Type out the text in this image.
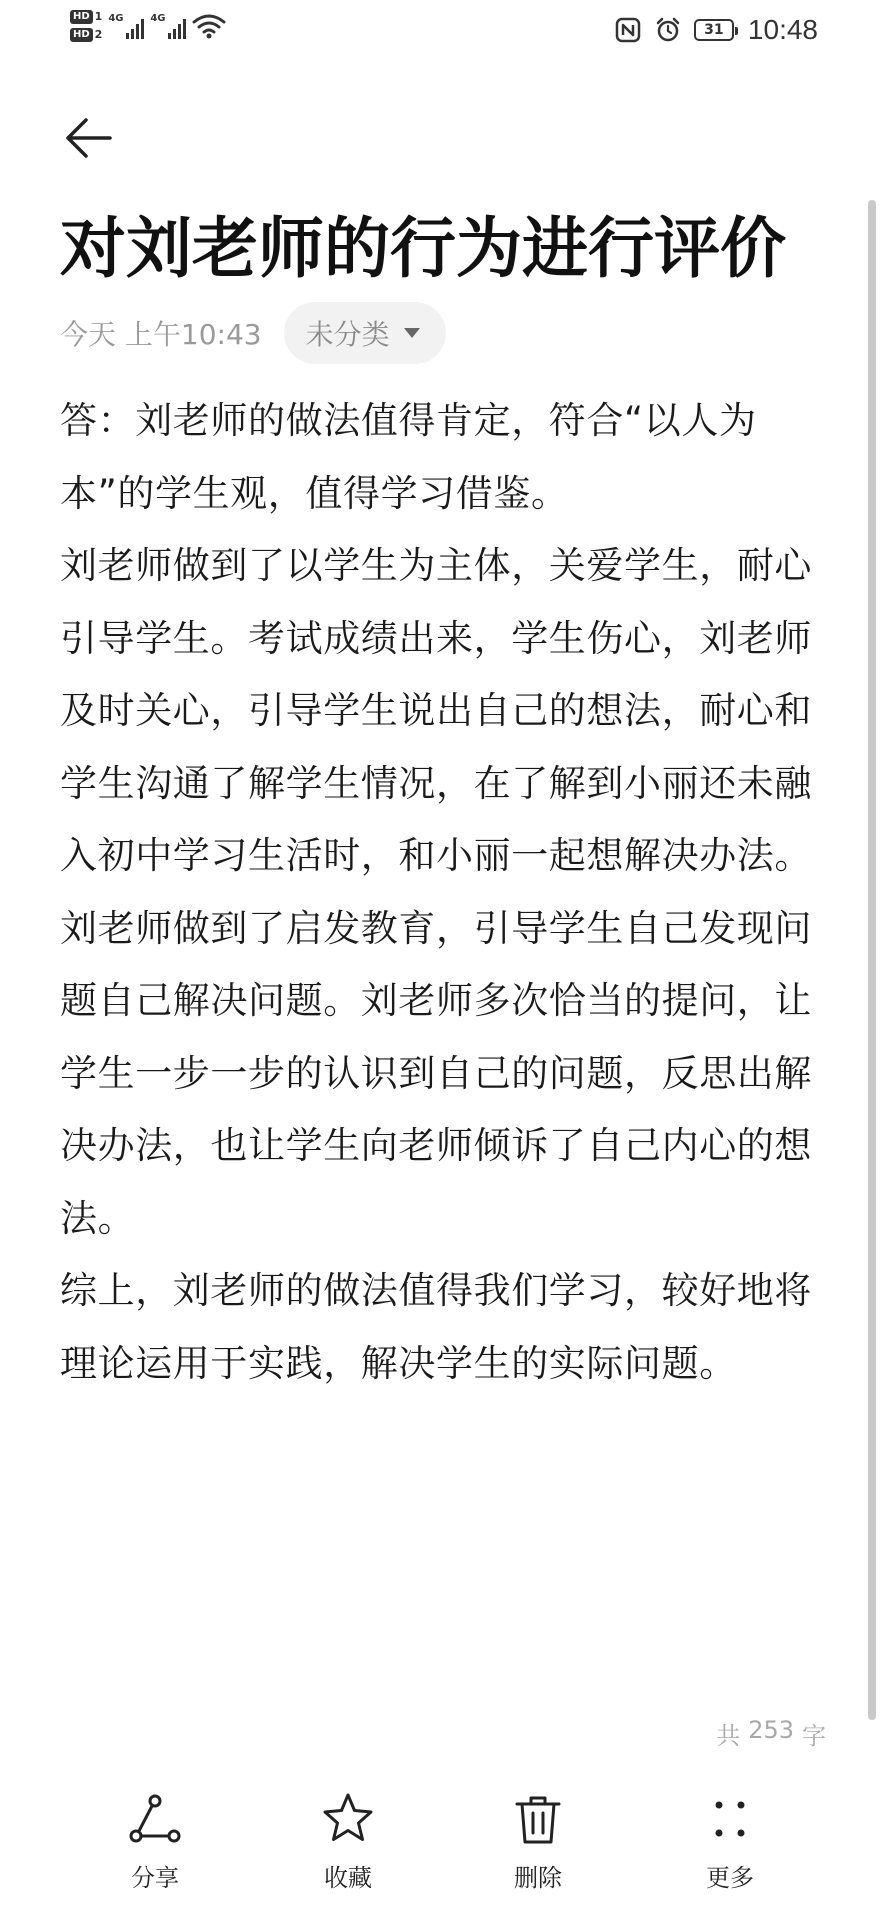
HD 1
HD 2
4G	4G
31 10:48
对刘老师的行为进行评价
今天 上午10:43 未分类

答：刘老师的做法值得肯定，符合“以人为本”的学生观，值得学习借鉴。

刘老师做到了以学生为主体，关爱学生，耐心引导学生。考试成绩出来，学生伤心，刘老师及时关心，引导学生说出自己的想法，耐心和学生沟通了解学生情况，在了解到小丽还未融入初中学习生活时，和小丽一起想解决办法。

刘老师做到了启发教育，引导学生自己发现问题自己解决问题。刘老师多次恰当的提问，让学生一步一步的认识到自己的问题，反思出解决办法，也让学生向老师倾诉了自己内心的想法。

综上，刘老师的做法值得我们学习，较好地将理论运用于实践，解决学生的实际问题。

共 253 字
分享	收藏	删除	更多
